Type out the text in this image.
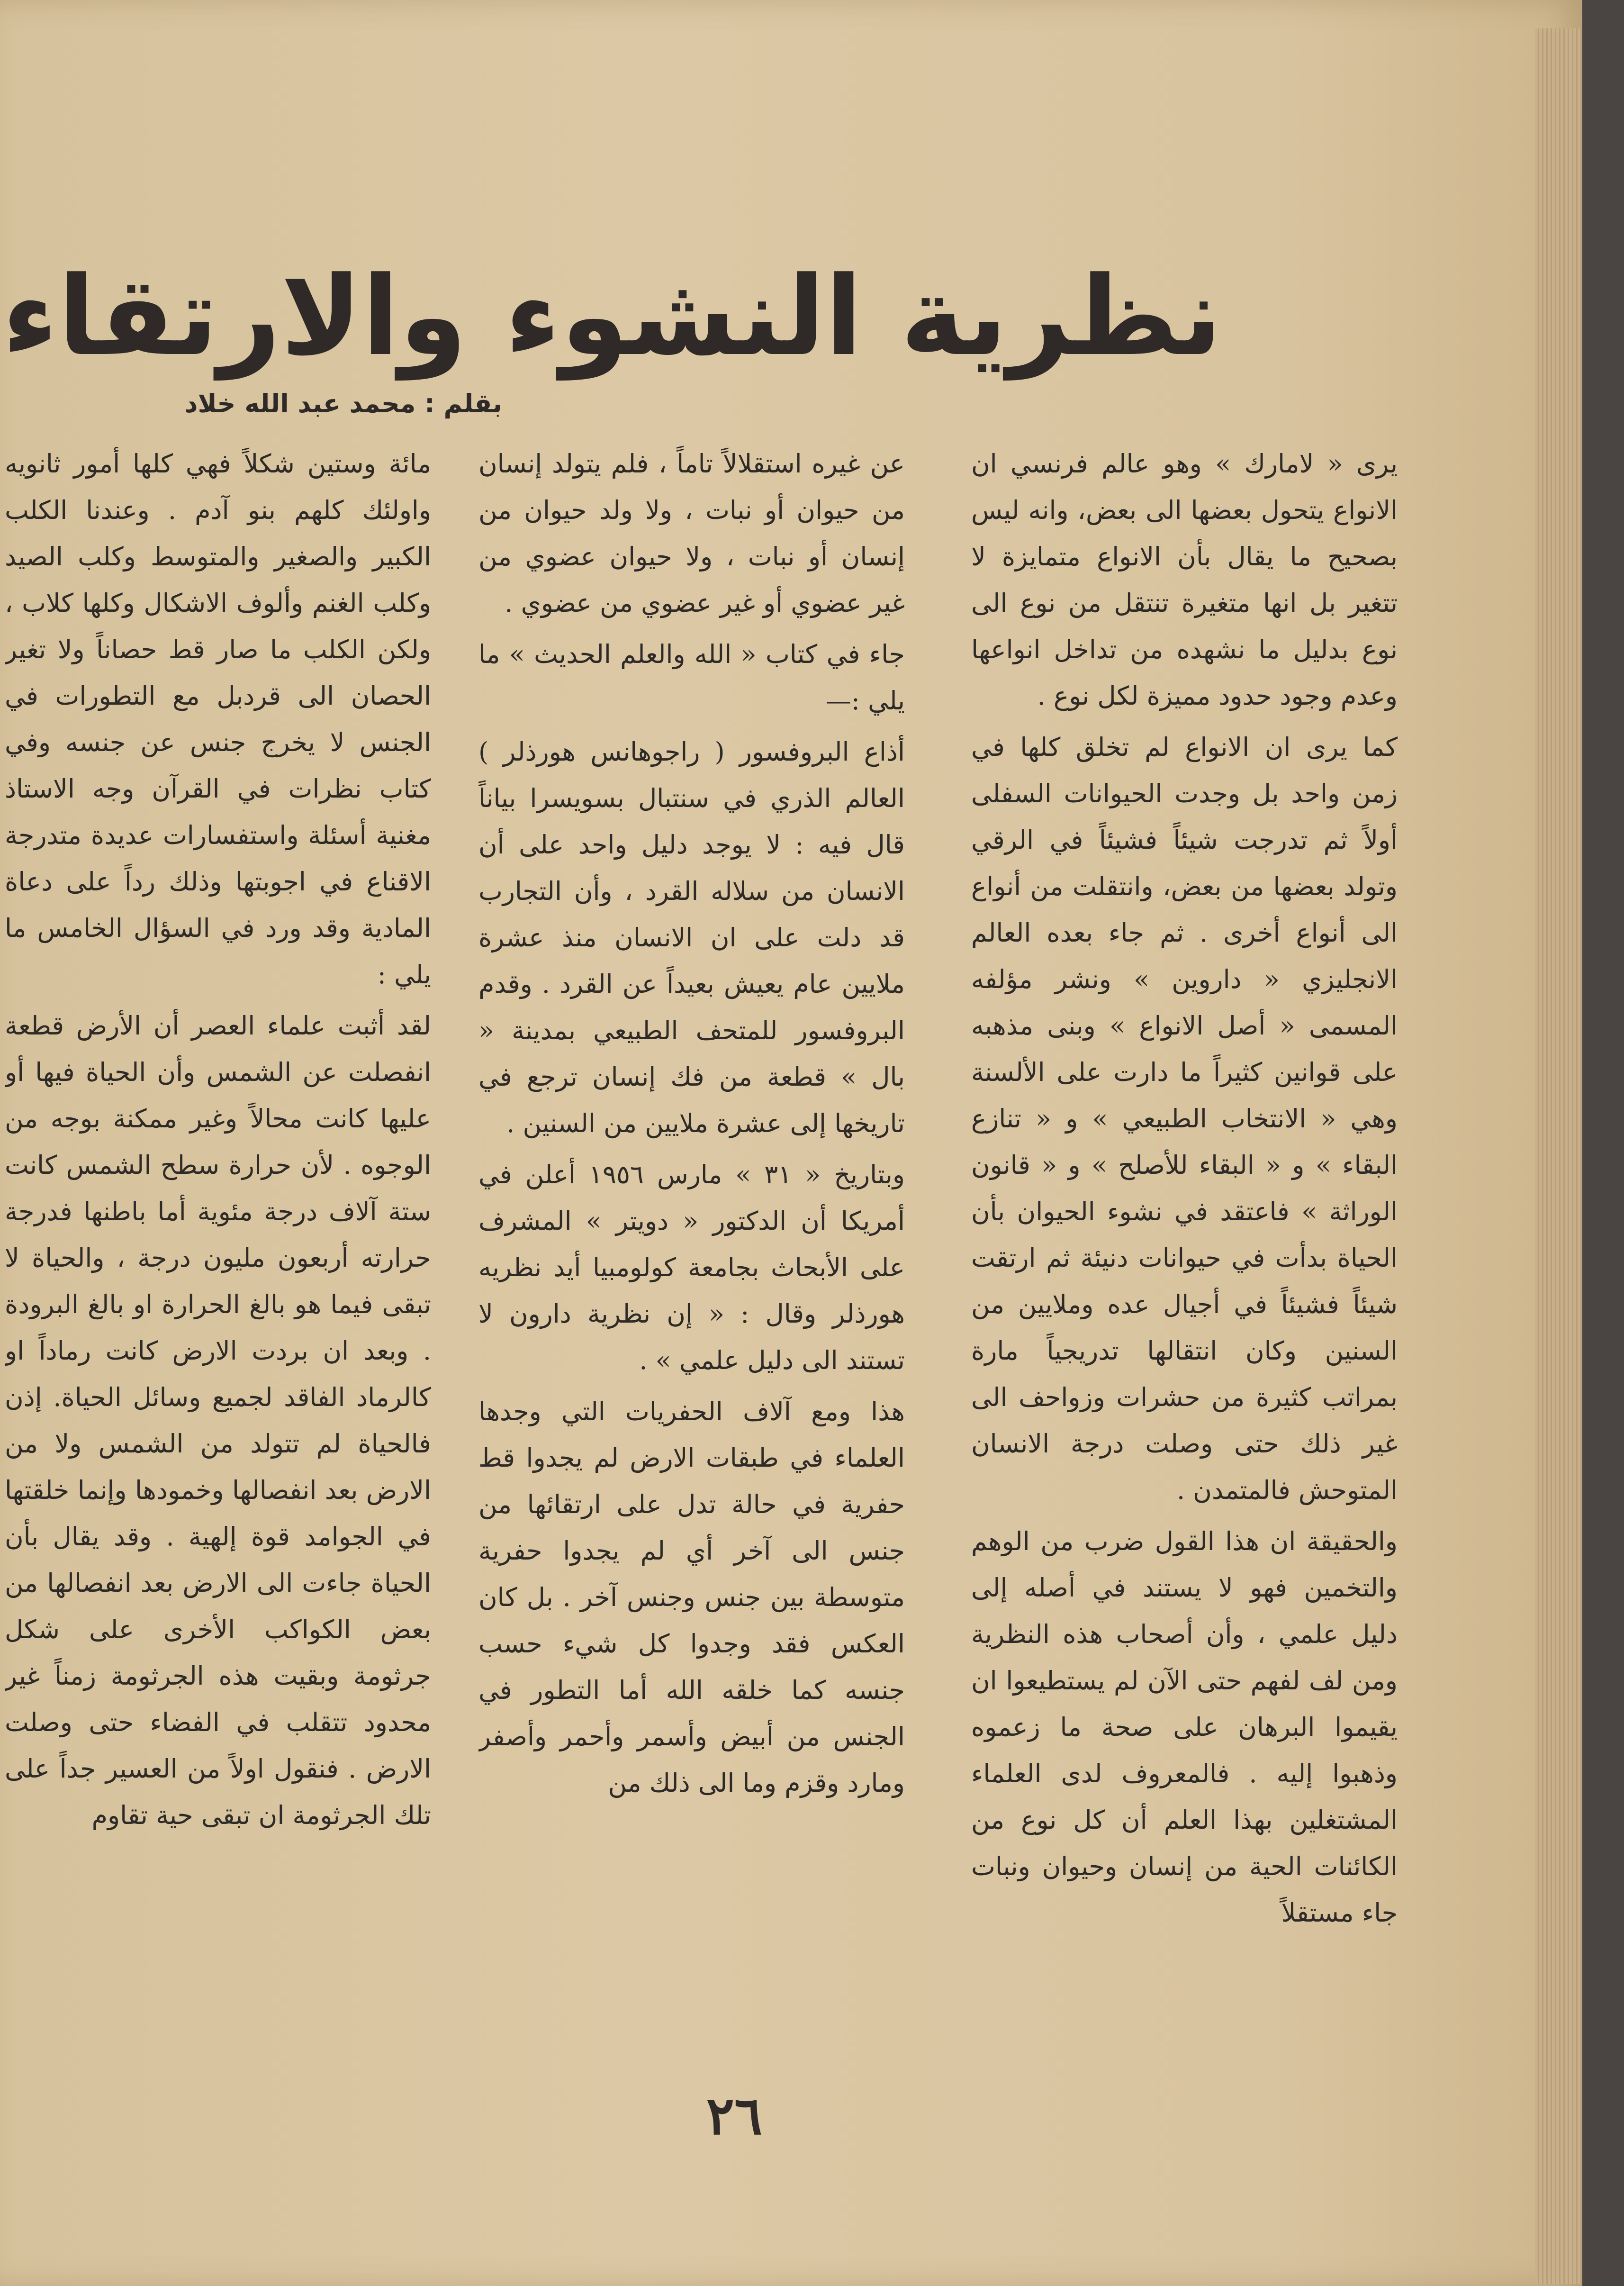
نظرية النشوء والارتقاء
بقلم : محمد عبد الله خلاد

يرى « لامارك » وهو عالم فرنسي ان الانواع يتحول بعضها الى بعض، وانه ليس بصحيح ما يقال بأن الانواع متمايزة لا تتغير بل انها متغيرة تنتقل من نوع الى نوع بدليل ما نشهده من تداخل انواعها وعدم وجود حدود مميزة لكل نوع .

كما يرى ان الانواع لم تخلق كلها في زمن واحد بل وجدت الحيوانات السفلى أولاً ثم تدرجت شيئاً فشيئاً في الرقي وتولد بعضها من بعض، وانتقلت من أنواع الى أنواع أخرى . ثم جاء بعده العالم الانجليزي « داروين » ونشر مؤلفه المسمى « أصل الانواع » وبنى مذهبه على قوانين كثيراً ما دارت على الألسنة وهي « الانتخاب الطبيعي » و « تنازع البقاء » و « البقاء للأصلح » و « قانون الوراثة » فاعتقد في نشوء الحيوان بأن الحياة بدأت في حيوانات دنيئة ثم ارتقت شيئاً فشيئاً في أجيال عده وملايين من السنين وكان انتقالها تدريجياً مارة بمراتب كثيرة من حشرات وزواحف الى غير ذلك حتى وصلت درجة الانسان المتوحش فالمتمدن .

والحقيقة ان هذا القول ضرب من الوهم والتخمين فهو لا يستند في أصله إلى دليل علمي ، وأن أصحاب هذه النظرية ومن لف لفهم حتى الآن لم يستطيعوا ان يقيموا البرهان على صحة ما زعموه وذهبوا إليه . فالمعروف لدى العلماء المشتغلين بهذا العلم أن كل نوع من الكائنات الحية من إنسان وحيوان ونبات جاء مستقلاً

عن غيره استقلالاً تاماً ، فلم يتولد إنسان من حيوان أو نبات ، ولا ولد حيوان من إنسان أو نبات ، ولا حيوان عضوي من غير عضوي أو غير عضوي من عضوي .

جاء في كتاب « الله والعلم الحديث » ما يلي :—

أذاع البروفسور ( راجوهانس هورذلر ) العالم الذري في سنتبال بسويسرا بياناً قال فيه : لا يوجد دليل واحد على أن الانسان من سلاله القرد ، وأن التجارب قد دلت على ان الانسان منذ عشرة ملايين عام يعيش بعيداً عن القرد . وقدم البروفسور للمتحف الطبيعي بمدينة « بال » قطعة من فك إنسان ترجع في تاريخها إلى عشرة ملايين من السنين .

وبتاريخ « ٣١ » مارس ١٩٥٦ أعلن في أمريكا أن الدكتور « دويتر » المشرف على الأبحاث بجامعة كولومبيا أيد نظريه هورذلر وقال : « إن نظرية دارون لا تستند الى دليل علمي » .

هذا ومع آلاف الحفريات التي وجدها العلماء في طبقات الارض لم يجدوا قط حفرية في حالة تدل على ارتقائها من جنس الى آخر أي لم يجدوا حفرية متوسطة بين جنس وجنس آخر . بل كان العكس فقد وجدوا كل شيء حسب جنسه كما خلقه الله أما التطور في الجنس من أبيض وأسمر وأحمر وأصفر ومارد وقزم وما الى ذلك من

مائة وستين شكلاً فهي كلها أمور ثانويه واولئك كلهم بنو آدم . وعندنا الكلب الكبير والصغير والمتوسط وكلب الصيد وكلب الغنم وألوف الاشكال وكلها كلاب ، ولكن الكلب ما صار قط حصاناً ولا تغير الحصان الى قردبل مع التطورات في الجنس لا يخرج جنس عن جنسه وفي كتاب نظرات في القرآن وجه الاستاذ مغنية أسئلة واستفسارات عديدة متدرجة الاقناع في اجوبتها وذلك رداً على دعاة المادية وقد ورد في السؤال الخامس ما يلي :

لقد أثبت علماء العصر أن الأرض قطعة انفصلت عن الشمس وأن الحياة فيها أو عليها كانت محالاً وغير ممكنة بوجه من الوجوه . لأن حرارة سطح الشمس كانت ستة آلاف درجة مئوية أما باطنها فدرجة حرارته أربعون مليون درجة ، والحياة لا تبقى فيما هو بالغ الحرارة او بالغ البرودة . وبعد ان بردت الارض كانت رماداً او كالرماد الفاقد لجميع وسائل الحياة. إذن فالحياة لم تتولد من الشمس ولا من الارض بعد انفصالها وخمودها وإنما خلقتها في الجوامد قوة إلهية . وقد يقال بأن الحياة جاءت الى الارض بعد انفصالها من بعض الكواكب الأخرى على شكل جرثومة وبقيت هذه الجرثومة زمناً غير محدود تتقلب في الفضاء حتى وصلت الارض . فنقول اولاً من العسير جداً على تلك الجرثومة ان تبقى حية تقاوم

٢٦
